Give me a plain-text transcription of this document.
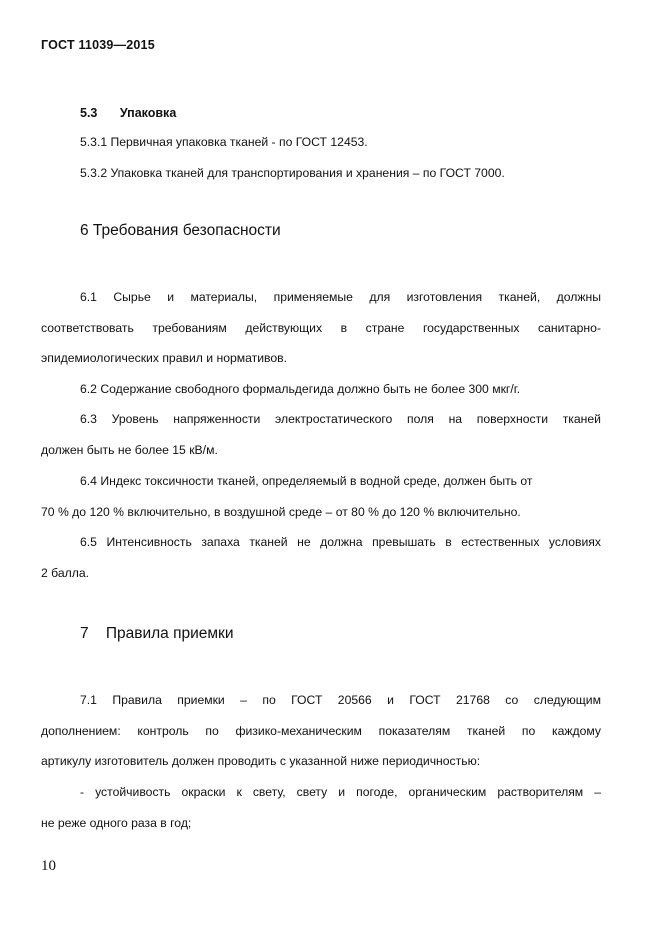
ГОСТ 11039—2015
5.3 Упаковка
5.3.1 Первичная упаковка тканей - по ГОСТ 12453.
5.3.2 Упаковка тканей для транспортирования и хранения – по ГОСТ 7000.
6 Требования безопасности
6.1 Сырье и материалы, применяемые для изготовления тканей, должны
соответствовать требованиям действующих в стране государственных санитарно-
эпидемиологических правил и нормативов.
6.2 Содержание свободного формальдегида должно быть не более 300 мкг/г.
6.3 Уровень напряженности электростатического поля на поверхности тканей
должен быть не более 15 кВ/м.
6.4 Индекс токсичности тканей, определяемый в водной среде, должен быть от
70 % до 120 % включительно, в воздушной среде – от 80 % до 120 % включительно.
6.5 Интенсивность запаха тканей не должна превышать в естественных условиях
2 балла.
7    Правила приемки
7.1 Правила приемки – по ГОСТ 20566 и ГОСТ 21768 со следующим
дополнением: контроль по физико-механическим показателям тканей по каждому
артикулу изготовитель должен проводить с указанной ниже периодичностью:
- устойчивость окраски к свету, свету и погоде, органическим растворителям –
не реже одного раза в год;
10
